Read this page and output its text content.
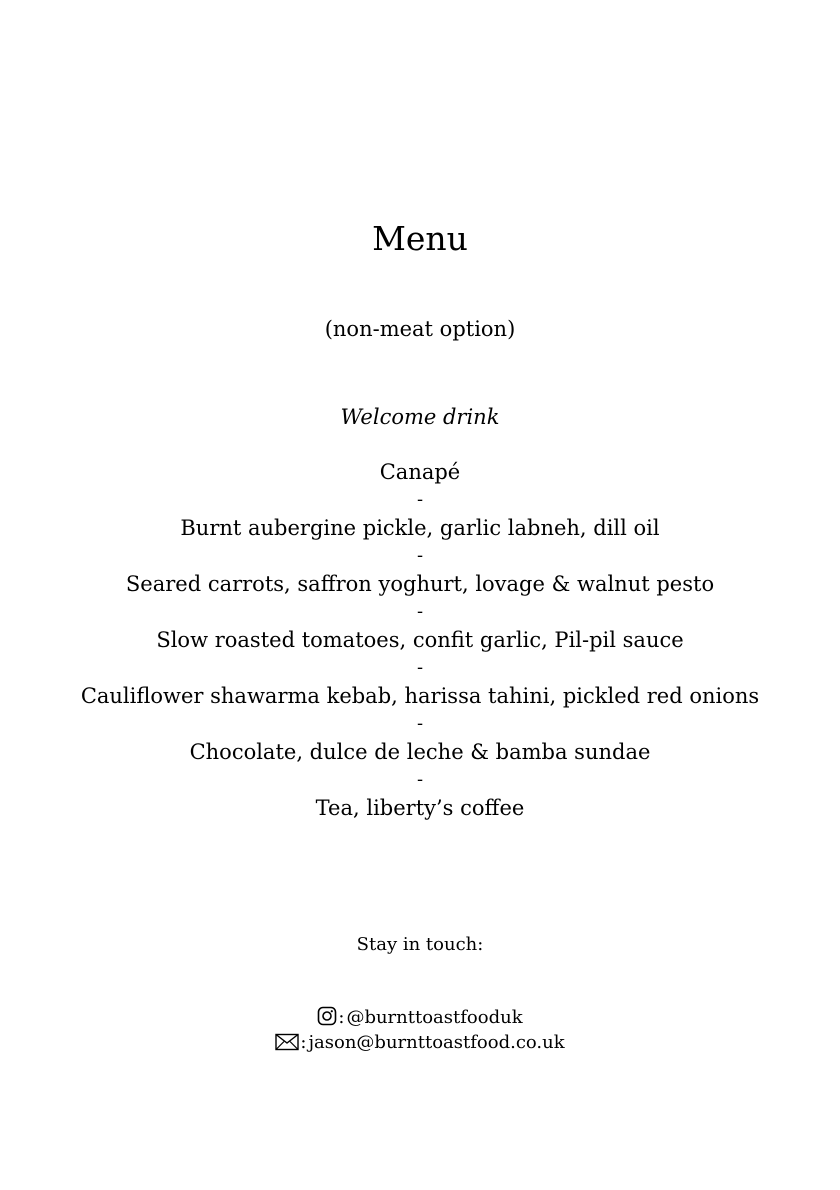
Menu
(non-meat option)
Welcome drink
Canapé
-
Burnt aubergine pickle, garlic labneh, dill oil
-
Seared carrots, saffron yoghurt, lovage & walnut pesto
-
Slow roasted tomatoes, confit garlic, Pil-pil sauce
-
Cauliflower shawarma kebab, harissa tahini, pickled red onions
-
Chocolate, dulce de leche & bamba sundae
-
Tea, liberty’s coffee
Stay in touch:
: @burnttoastfooduk
: jason@burnttoastfood.co.uk
